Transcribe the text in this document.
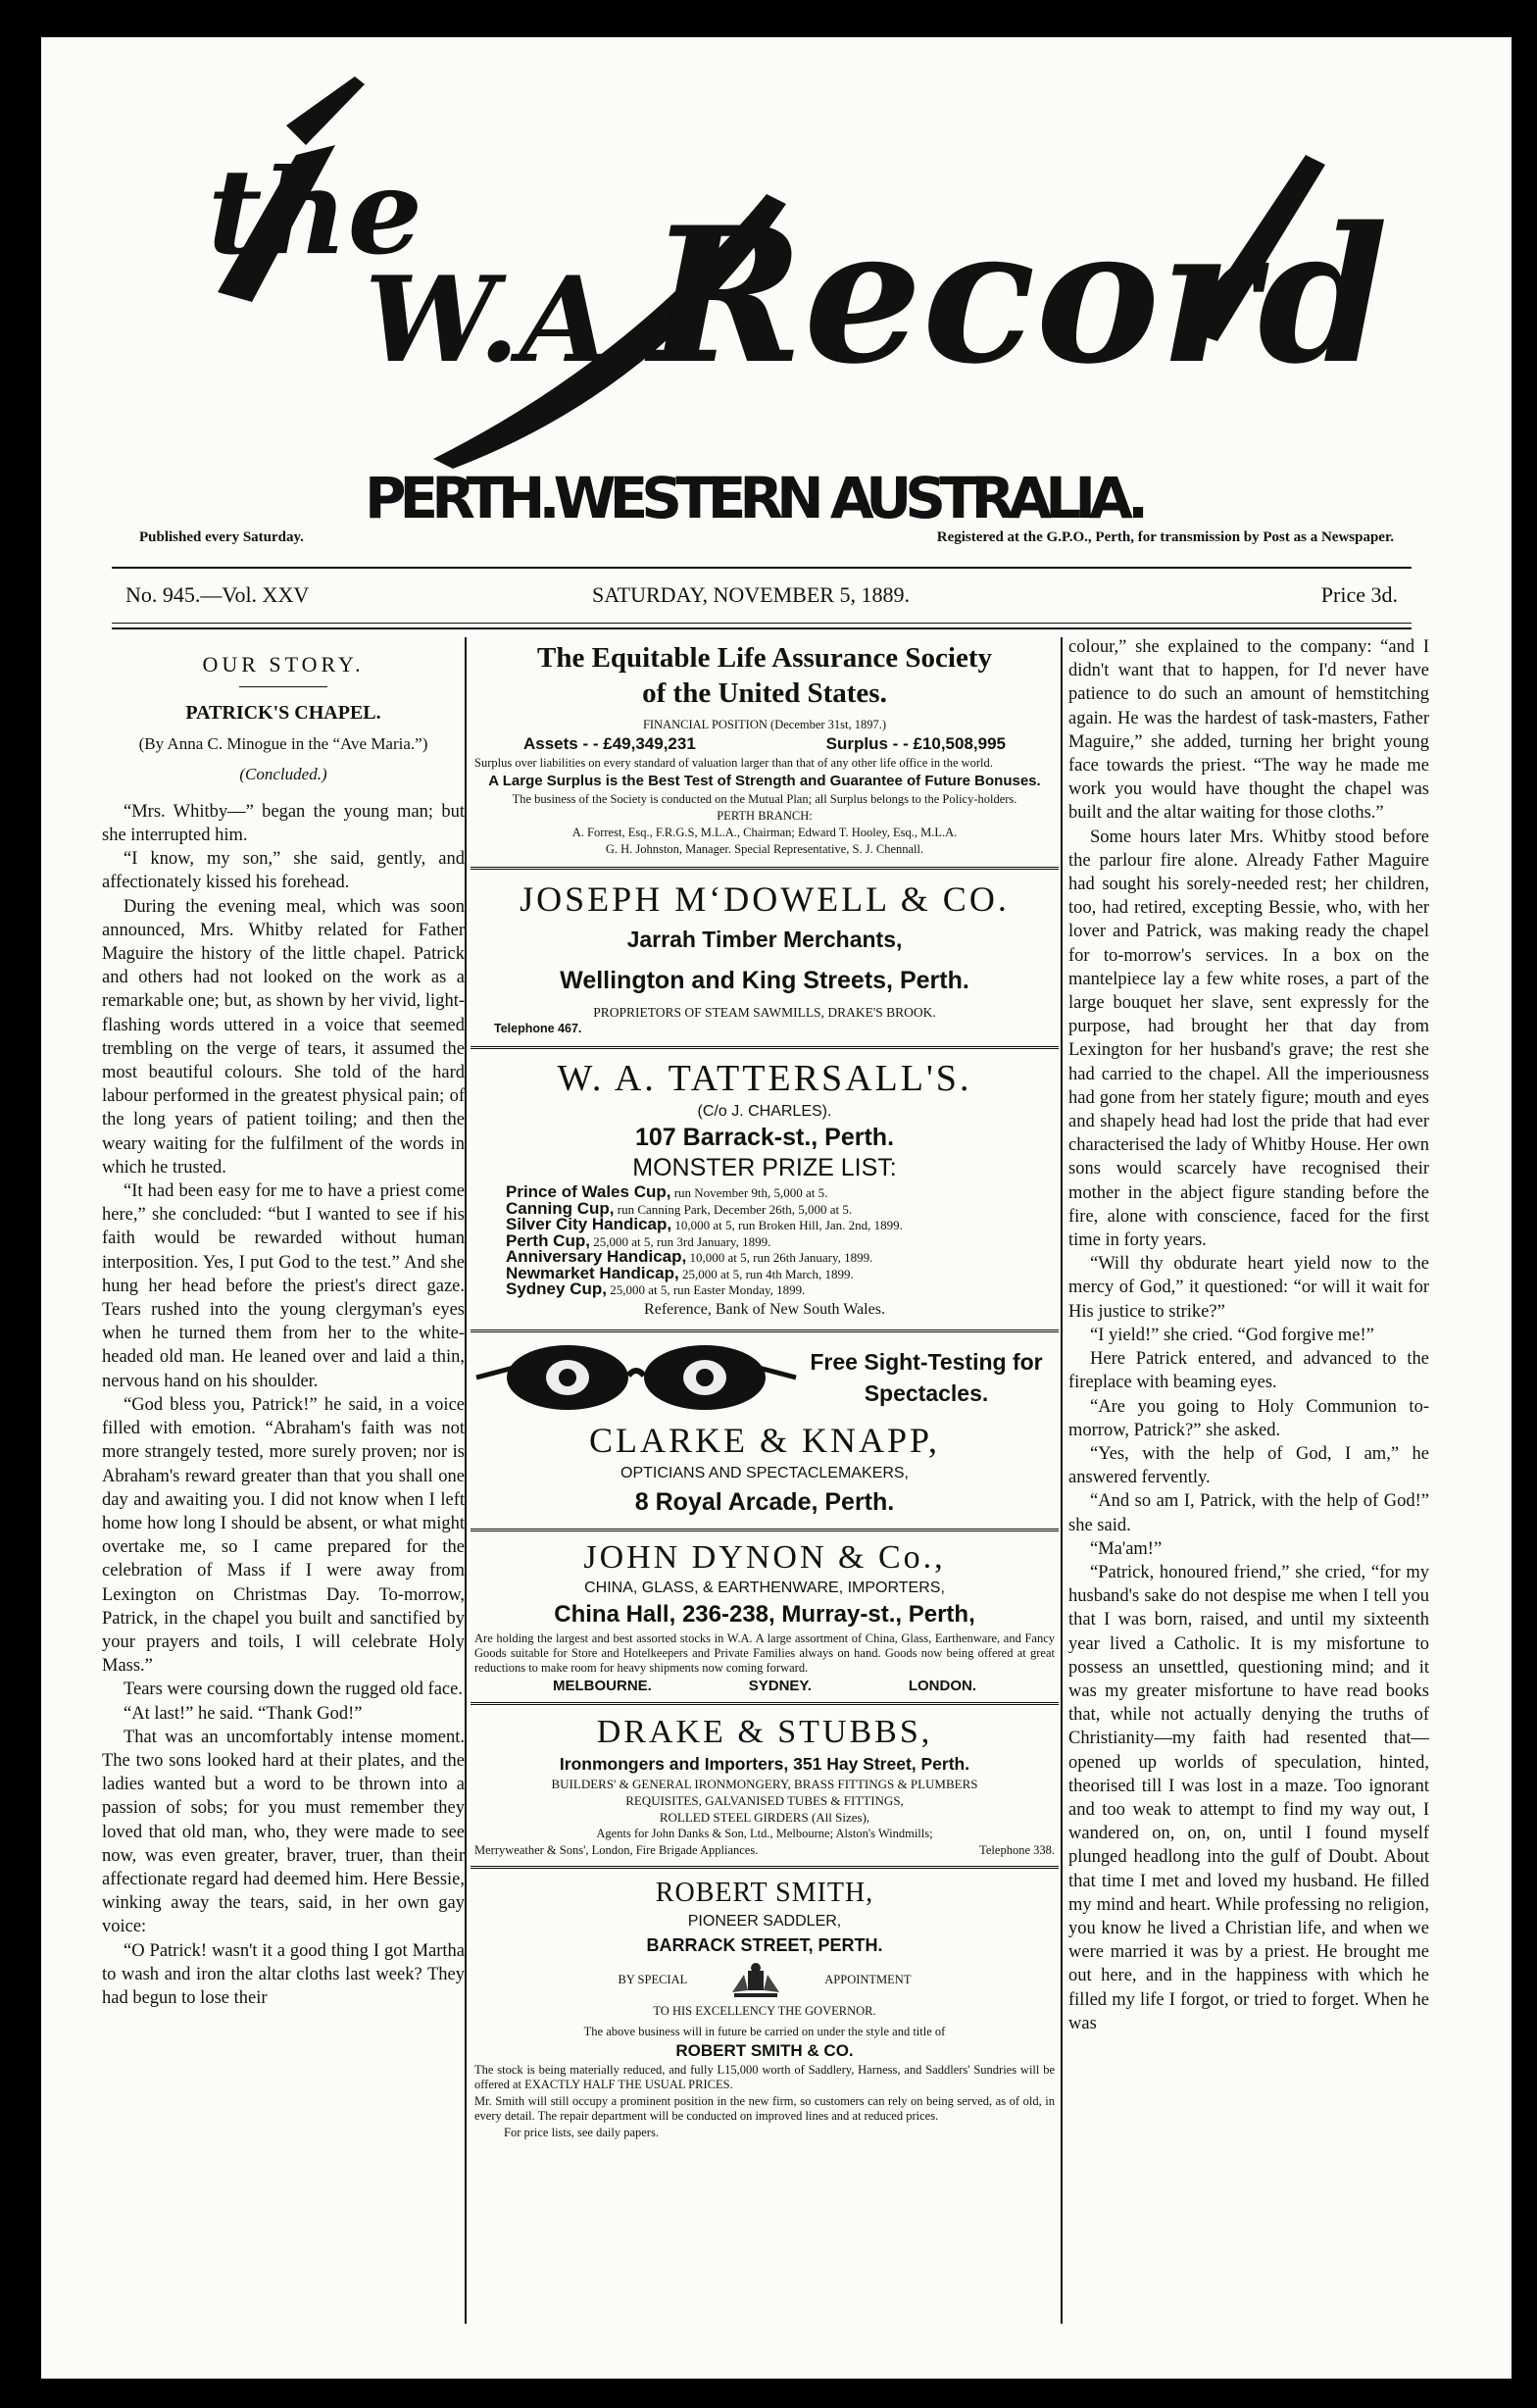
the
W.A.
Record
PERTH.WESTERN AUSTRALIA.
Published every Saturday.	Registered at the G.P.O., Perth, for transmission by Post as a Newspaper.
No. 945.—Vol. XXV	SATURDAY, NOVEMBER 5, 1889.	Price 3d.

OUR STORY.

PATRICK'S CHAPEL.

(By Anna C. Minogue in the “Ave Maria.”)

(Concluded.)

“Mrs. Whitby—” began the young man; but she interrupted him.

“I know, my son,” she said, gently, and affectionately kissed his forehead.

During the evening meal, which was soon announced, Mrs. Whitby related for Father Maguire the history of the little chapel. Patrick and others had not looked on the work as a remarkable one; but, as shown by her vivid, light-flashing words uttered in a voice that seemed trembling on the verge of tears, it assumed the most beautiful colours. She told of the hard labour performed in the greatest physical pain; of the long years of patient toiling; and then the weary waiting for the fulfilment of the words in which he trusted.

“It had been easy for me to have a priest come here,” she concluded: “but I wanted to see if his faith would be rewarded without human interposition. Yes, I put God to the test.” And she hung her head before the priest's direct gaze. Tears rushed into the young clergyman's eyes when he turned them from her to the white-headed old man. He leaned over and laid a thin, nervous hand on his shoulder.

“God bless you, Patrick!” he said, in a voice filled with emotion. “Abraham's faith was not more strangely tested, more surely proven; nor is Abraham's reward greater than that you shall one day and awaiting you. I did not know when I left home how long I should be absent, or what might overtake me, so I came prepared for the celebration of Mass if I were away from Lexington on Christmas Day. To-morrow, Patrick, in the chapel you built and sanctified by your prayers and toils, I will celebrate Holy Mass.”

Tears were coursing down the rugged old face.

“At last!” he said. “Thank God!”

That was an uncomfortably intense moment. The two sons looked hard at their plates, and the ladies wanted but a word to be thrown into a passion of sobs; for you must remember they loved that old man, who, they were made to see now, was even greater, braver, truer, than their affectionate regard had deemed him. Here Bessie, winking away the tears, said, in her own gay voice:

“O Patrick! wasn't it a good thing I got Martha to wash and iron the altar cloths last week? They had begun to lose their

colour,” she explained to the company: “and I didn't want that to happen, for I'd never have patience to do such an amount of hemstitching again. He was the hardest of task-masters, Father Maguire,” she added, turning her bright young face towards the priest. “The way he made me work you would have thought the chapel was built and the altar waiting for those cloths.”

Some hours later Mrs. Whitby stood before the parlour fire alone. Already Father Maguire had sought his sorely-needed rest; her children, too, had retired, excepting Bessie, who, with her lover and Patrick, was making ready the chapel for to-morrow's services. In a box on the mantelpiece lay a few white roses, a part of the large bouquet her slave, sent expressly for the purpose, had brought her that day from Lexington for her husband's grave; the rest she had carried to the chapel. All the imperiousness had gone from her stately figure; mouth and eyes and shapely head had lost the pride that had ever characterised the lady of Whitby House. Her own sons would scarcely have recognised their mother in the abject figure standing before the fire, alone with conscience, faced for the first time in forty years.

“Will thy obdurate heart yield now to the mercy of God,” it questioned: “or will it wait for His justice to strike?”

“I yield!” she cried. “God forgive me!”

Here Patrick entered, and advanced to the fireplace with beaming eyes.

“Are you going to Holy Communion to-morrow, Patrick?” she asked.

“Yes, with the help of God, I am,” he answered fervently.

“And so am I, Patrick, with the help of God!” she said.

“Ma'am!”

“Patrick, honoured friend,” she cried, “for my husband's sake do not despise me when I tell you that I was born, raised, and until my sixteenth year lived a Catholic. It is my misfortune to possess an unsettled, questioning mind; and it was my greater misfortune to have read books that, while not actually denying the truths of Christianity—my faith had resented that—opened up worlds of speculation, hinted, theorised till I was lost in a maze. Too ignorant and too weak to attempt to find my way out, I wandered on, on, on, until I found myself plunged headlong into the gulf of Doubt. About that time I met and loved my husband. He filled my mind and heart. While professing no religion, you know he lived a Christian life, and when we were married it was by a priest. He brought me out here, and in the happiness with which he filled my life I forgot, or tried to forget. When he was

The Equitable Life Assurance Society

of the United States.

FINANCIAL POSITION (December 31st, 1897.)

Assets - - £49,349,231	Surplus - - £10,508,995

Surplus over liabilities on every standard of valuation larger than that of any other life office in the world.

A Large Surplus is the Best Test of Strength and Guarantee of Future Bonuses.

The business of the Society is conducted on the Mutual Plan; all Surplus belongs to the Policy-holders.

PERTH BRANCH:

A. Forrest, Esq., F.R.G.S, M.L.A., Chairman; Edward T. Hooley, Esq., M.L.A.

G. H. Johnston, Manager. Special Representative, S. J. Chennall.

JOSEPH M‘DOWELL & CO.

Jarrah Timber Merchants,

Wellington and King Streets, Perth.

PROPRIETORS OF STEAM SAWMILLS, DRAKE'S BROOK.

Telephone 467.

W. A. TATTERSALL'S.

(C/o J. CHARLES).

107 Barrack-st., Perth.

MONSTER PRIZE LIST:

Prince of Wales Cup, run November 9th, 5,000 at 5.
Canning Cup, run Canning Park, December 26th, 5,000 at 5.
Silver City Handicap, 10,000 at 5, run Broken Hill, Jan. 2nd, 1899.
Perth Cup, 25,000 at 5, run 3rd January, 1899.
Anniversary Handicap, 10,000 at 5, run 26th January, 1899.
Newmarket Handicap, 25,000 at 5, run 4th March, 1899.
Sydney Cup, 25,000 at 5, run Easter Monday, 1899.

Reference, Bank of New South Wales.

Free Sight-Testing for

Spectacles.

CLARKE & KNAPP,

OPTICIANS AND SPECTACLEMAKERS,

8 Royal Arcade, Perth.

JOHN DYNON & Co.,

CHINA, GLASS, & EARTHENWARE, IMPORTERS,

China Hall, 236-238, Murray-st., Perth,

Are holding the largest and best assorted stocks in W.A. A large assortment of China, Glass, Earthenware, and Fancy Goods suitable for Store and Hotelkeepers and Private Families always on hand. Goods now being offered at great reductions to make room for heavy shipments now coming forward.

MELBOURNE.	SYDNEY.	LONDON.

DRAKE & STUBBS,

Ironmongers and Importers, 351 Hay Street, Perth.

BUILDERS' & GENERAL IRONMONGERY, BRASS FITTINGS & PLUMBERS

REQUISITES, GALVANISED TUBES & FITTINGS,

ROLLED STEEL GIRDERS (All Sizes),

Agents for John Danks & Son, Ltd., Melbourne; Alston's Windmills;

Merryweather & Sons', London, Fire Brigade Appliances.	Telephone 338.

ROBERT SMITH,

PIONEER SADDLER,

BARRACK STREET, PERTH.

BY SPECIAL	APPOINTMENT

TO HIS EXCELLENCY THE GOVERNOR.

The above business will in future be carried on under the style and title of

ROBERT SMITH & CO.

The stock is being materially reduced, and fully L15,000 worth of Saddlery, Harness, and Saddlers' Sundries will be offered at EXACTLY HALF THE USUAL PRICES.

Mr. Smith will still occupy a prominent position in the new firm, so customers can rely on being served, as of old, in every detail. The repair department will be conducted on improved lines and at reduced prices.

For price lists, see daily papers.
